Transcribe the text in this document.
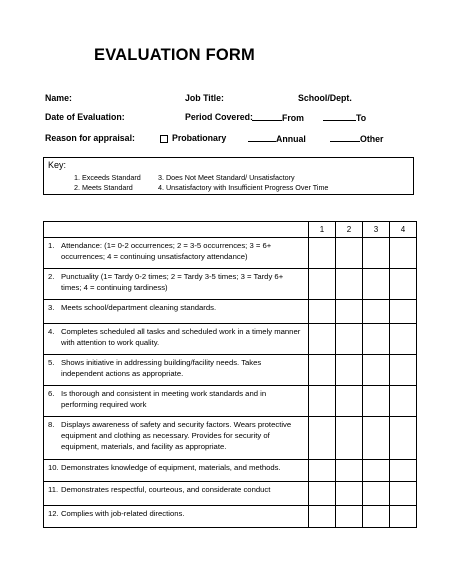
EVALUATION FORM
Name:	Job Title:	School/Dept.
Date of Evaluation:	Period Covered:	From	To
Reason for appraisal:	Probationary	Annual	Other
Key:
1. Exceeds Standard
2. Meets Standard
3. Does Not Meet Standard/ Unsatisfactory
4. Unsatisfactory with Insufficient Progress Over Time
	1	2	3	4

1. Attendance: (1= 0-2 occurrences; 2 = 3-5 occurrences; 3 = 6+ occurrences; 4 = continuing unsatisfactory attendance)				

2. Punctuality (1= Tardy 0-2 times; 2 = Tardy 3-5 times; 3 = Tardy 6+ times; 4 = continuing tardiness)				

3. Meets school/department cleaning standards.				

4. Completes scheduled all tasks and scheduled work in a timely manner with attention to work quality.				

5. Shows initiative in addressing building/facility needs. Takes independent actions as appropriate.				

6. Is thorough and consistent in meeting work standards and in performing required work				

8. Displays awareness of safety and security factors. Wears protective equipment and clothing as necessary. Provides for security of equipment, materials, and facility as appropriate.				

10. Demonstrates knowledge of equipment, materials, and methods.				

11. Demonstrates respectful, courteous, and considerate conduct				

12. Complies with job-related directions.				
